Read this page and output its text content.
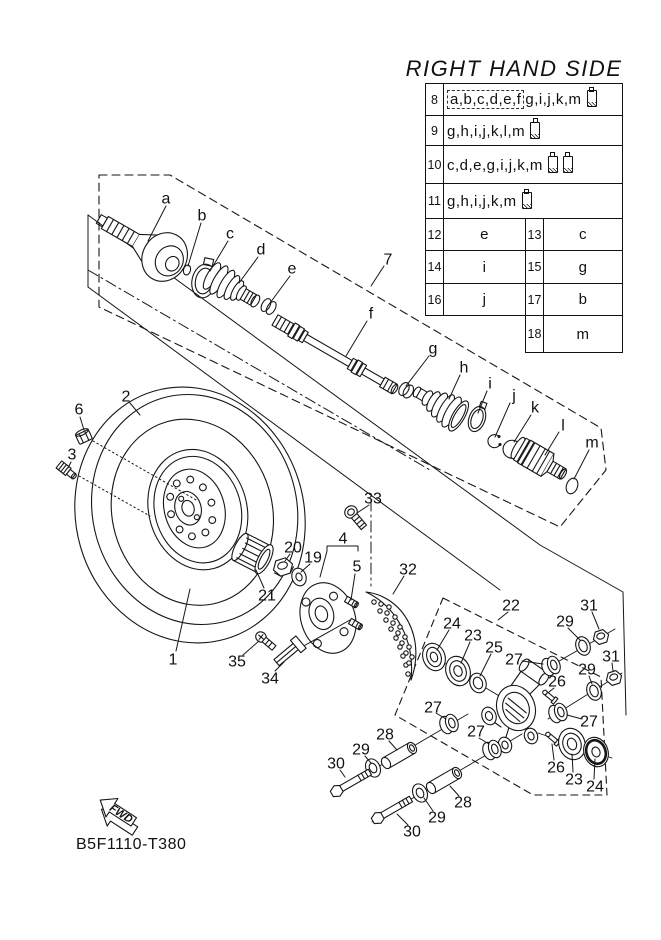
FWD
a
b
c
d
e
7
f
g
h
i
j
k
l
m
2
6
3
1
33
20
19
4
5
21
32
35
34
22
24
23
25
27
26
29
31
29
31
27
27
27
26
23 24
28
29
30
28
29
30
RIGHT HAND SIDE
8	a,b,c,d,e,f g,i,j,k,m		
9	g,h,i,j,k,l,m		
10	c,d,e,g,i,j,k,m		
11	g,h,i,j,k,m		
12	e	13	c
14	i	15	g
16	j	17	b
		18	m
B5F1110-T380
